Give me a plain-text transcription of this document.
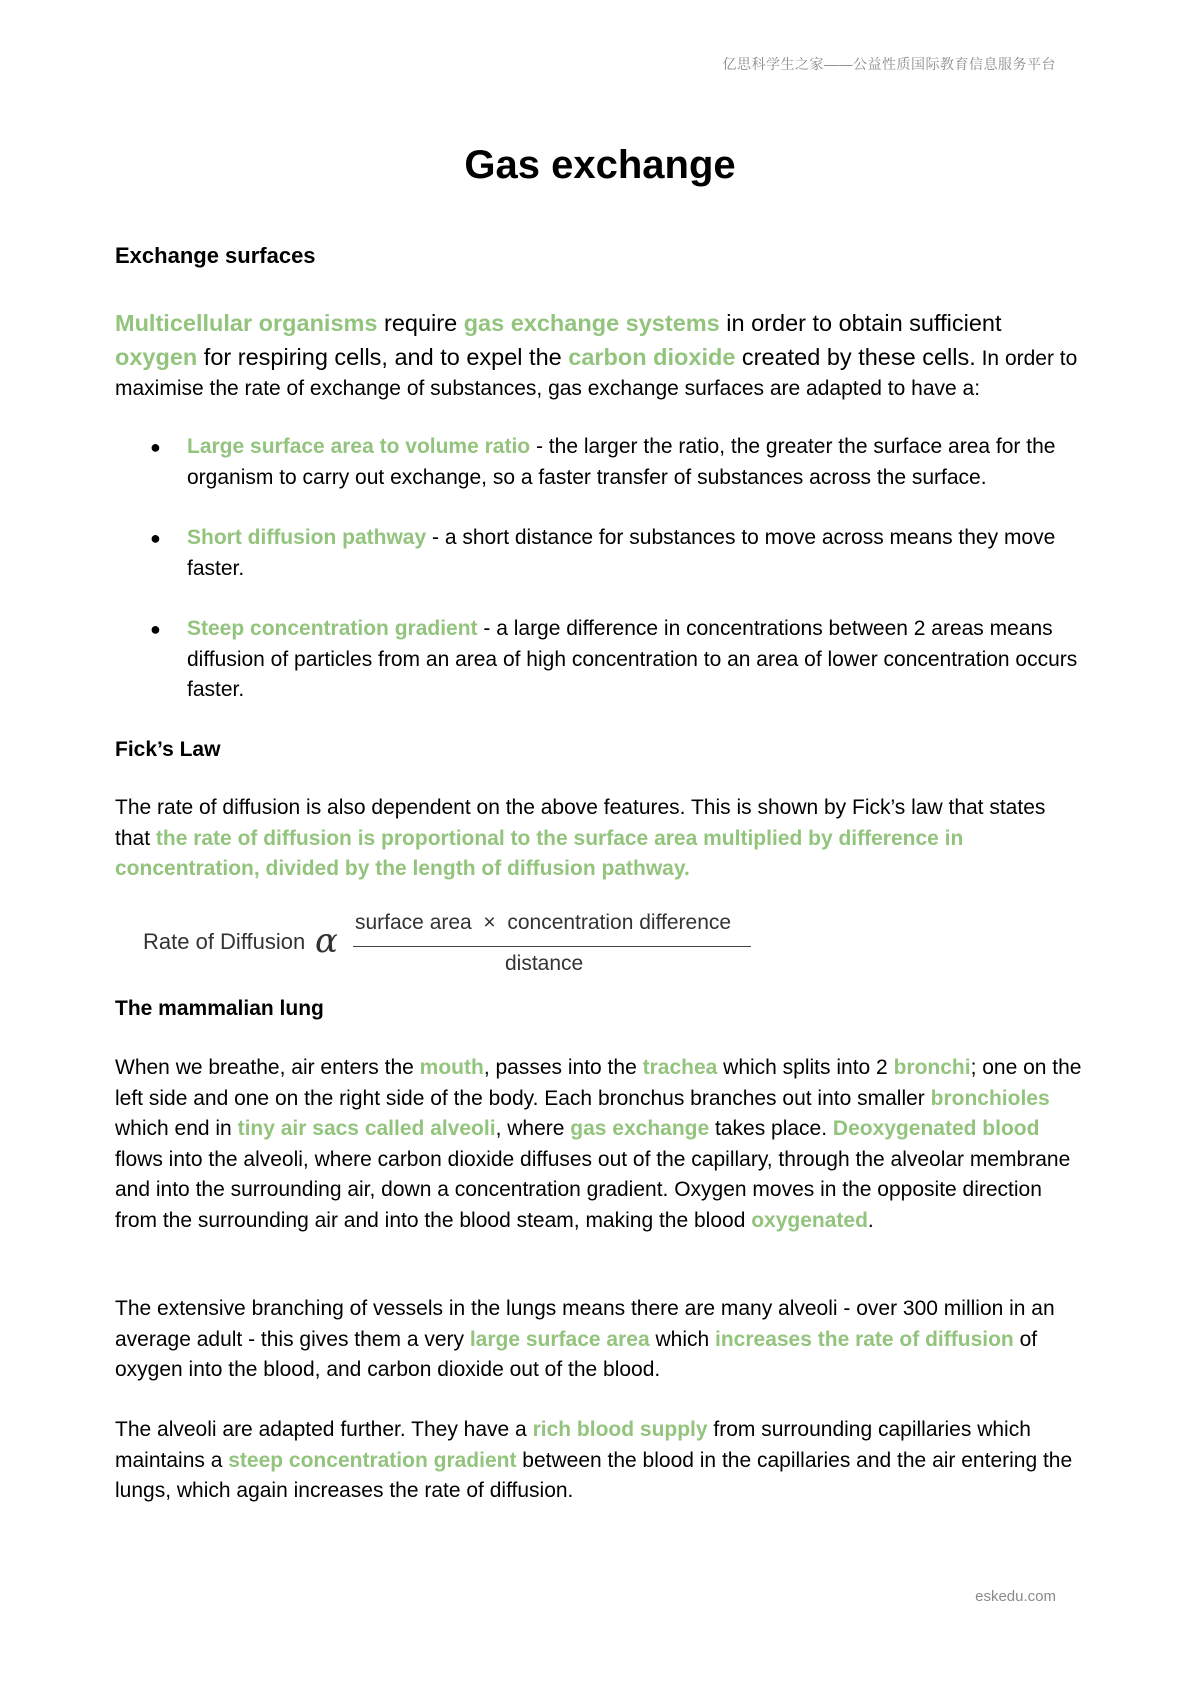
亿思科学生之家——公益性质国际教育信息服务平台
Gas exchange
Exchange surfaces

Multicellular organisms require gas exchange systems in order to obtain sufficient oxygen for respiring cells, and to expel the carbon dioxide created by these cells. In order to maximise the rate of exchange of substances, gas exchange surfaces are adapted to have a:

● Large surface area to volume ratio - the larger the ratio, the greater the surface area for the organism to carry out exchange, so a faster transfer of substances across the surface.
● Short diffusion pathway - a short distance for substances to move across means they move faster.
● Steep concentration gradient - a large difference in concentrations between 2 areas means diffusion of particles from an area of high concentration to an area of lower concentration occurs faster.
Fick’s Law

The rate of diffusion is also dependent on the above features. This is shown by Fick’s law that states that the rate of diffusion is proportional to the surface area multiplied by difference in concentration, divided by the length of diffusion pathway.

Rate of Diffusion α surface area  ×  concentration difference
distance
The mammalian lung

When we breathe, air enters the mouth, passes into the trachea which splits into 2 bronchi; one on the left side and one on the right side of the body. Each bronchus branches out into smaller bronchioles which end in tiny air sacs called alveoli, where gas exchange takes place. Deoxygenated blood flows into the alveoli, where carbon dioxide diffuses out of the capillary, through the alveolar membrane and into the surrounding air, down a concentration gradient. Oxygen moves in the opposite direction from the surrounding air and into the blood steam, making the blood oxygenated.

The extensive branching of vessels in the lungs means there are many alveoli - over 300 million in an average adult - this gives them a very large surface area which increases the rate of diffusion of oxygen into the blood, and carbon dioxide out of the blood.

The alveoli are adapted further. They have a rich blood supply from surrounding capillaries which maintains a steep concentration gradient between the blood in the capillaries and the air entering the lungs, which again increases the rate of diffusion.

eskedu.com
